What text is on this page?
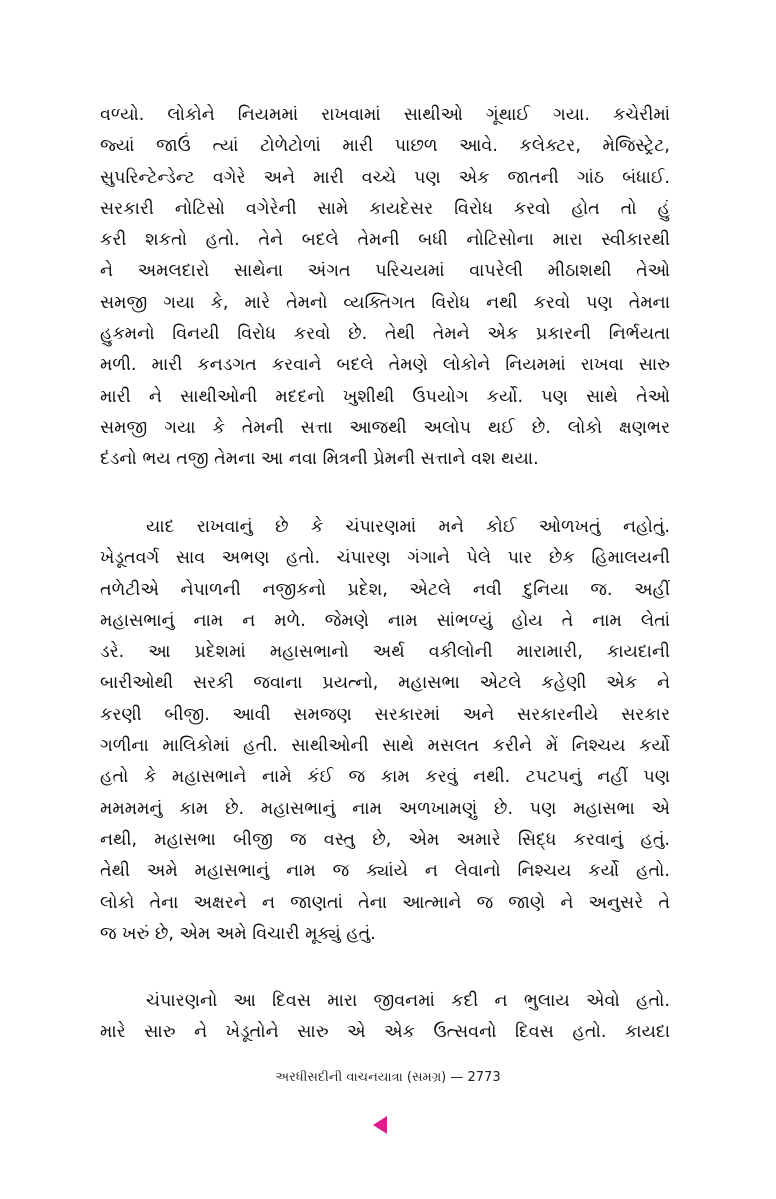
વળ્યો. લોકોને નિયમમાં રાખવામાં સાથીઓ ગૂંથાઈ ગયા. કચેરીમાં
જ્યાં જાઉં ત્યાં ટોળેટોળાં મારી પાછળ આવે. કલેક્ટર, મેજિસ્ટ્રેટ,
સુપરિન્ટેન્ડેન્ટ વગેરે અને મારી વચ્ચે પણ એક જાતની ગાંઠ બંધાઈ.
સરકારી નોટિસો વગેરેની સામે કાયદેસર વિરોધ કરવો હોત તો હું
કરી શકતો હતો. તેને બદલે તેમની બધી નોટિસોના મારા સ્વીકારથી
ને અમલદારો સાથેના અંગત પરિચયમાં વાપરેલી મીઠાશથી તેઓ
સમજી ગયા કે, મારે તેમનો વ્યક્તિગત વિરોધ નથી કરવો પણ તેમના
હુકમનો વિનયી વિરોધ કરવો છે. તેથી તેમને એક પ્રકારની નિર્ભયતા
મળી. મારી કનડગત કરવાને બદલે તેમણે લોકોને નિયમમાં રાખવા સારુ
મારી ને સાથીઓની મદદનો ખુશીથી ઉપયોગ કર્યો. પણ સાથે તેઓ
સમજી ગયા કે તેમની સત્તા આજથી અલોપ થઈ છે. લોકો ક્ષણભર
દંડનો ભય તજી તેમના આ નવા મિત્રની પ્રેમની સત્તાને વશ થયા.
યાદ રાખવાનું છે કે ચંપારણમાં મને કોઈ ઓળખતું નહોતું.
ખેડૂતવર્ગ સાવ અભણ હતો. ચંપારણ ગંગાને પેલે પાર છેક હિમાલયની
તળેટીએ નેપાળની નજીકનો પ્રદેશ, એટલે નવી દુનિયા જ. અહીં
મહાસભાનું નામ ન મળે. જેમણે નામ સાંભળ્યું હોય તે નામ લેતાં
ડરે. આ પ્રદેશમાં મહાસભાનો અર્થ વકીલોની મારામારી, કાયદાની
બારીઓથી સરકી જવાના પ્રયત્નો, મહાસભા એટલે કહેણી એક ને
કરણી બીજી. આવી સમજણ સરકારમાં અને સરકારનીયે સરકાર
ગળીના માલિકોમાં હતી. સાથીઓની સાથે મસલત કરીને મેં નિશ્ચય કર્યો
હતો કે મહાસભાને નામે કંઈ જ કામ કરવું નથી. ટપટપનું નહીં પણ
મમમમનું કામ છે. મહાસભાનું નામ અળખામણું છે. પણ મહાસભા એ
નથી, મહાસભા બીજી જ વસ્તુ છે, એમ અમારે સિદ્ધ કરવાનું હતું.
તેથી અમે મહાસભાનું નામ જ ક્યાંયે ન લેવાનો નિશ્ચય કર્યો હતો.
લોકો તેના અક્ષરને ન જાણતાં તેના આત્માને જ જાણે ને અનુસરે તે
જ ખરું છે, એમ અમે વિચારી મૂક્યું હતું.
ચંપારણનો આ દિવસ મારા જીવનમાં કદી ન ભુલાય એવો હતો.
મારે સારુ ને ખેડૂતોને સારુ એ એક ઉત્સવનો દિવસ હતો. કાયદા
અરધીસદીની વાચનયાત્રા (સમગ્ર) — 2773
